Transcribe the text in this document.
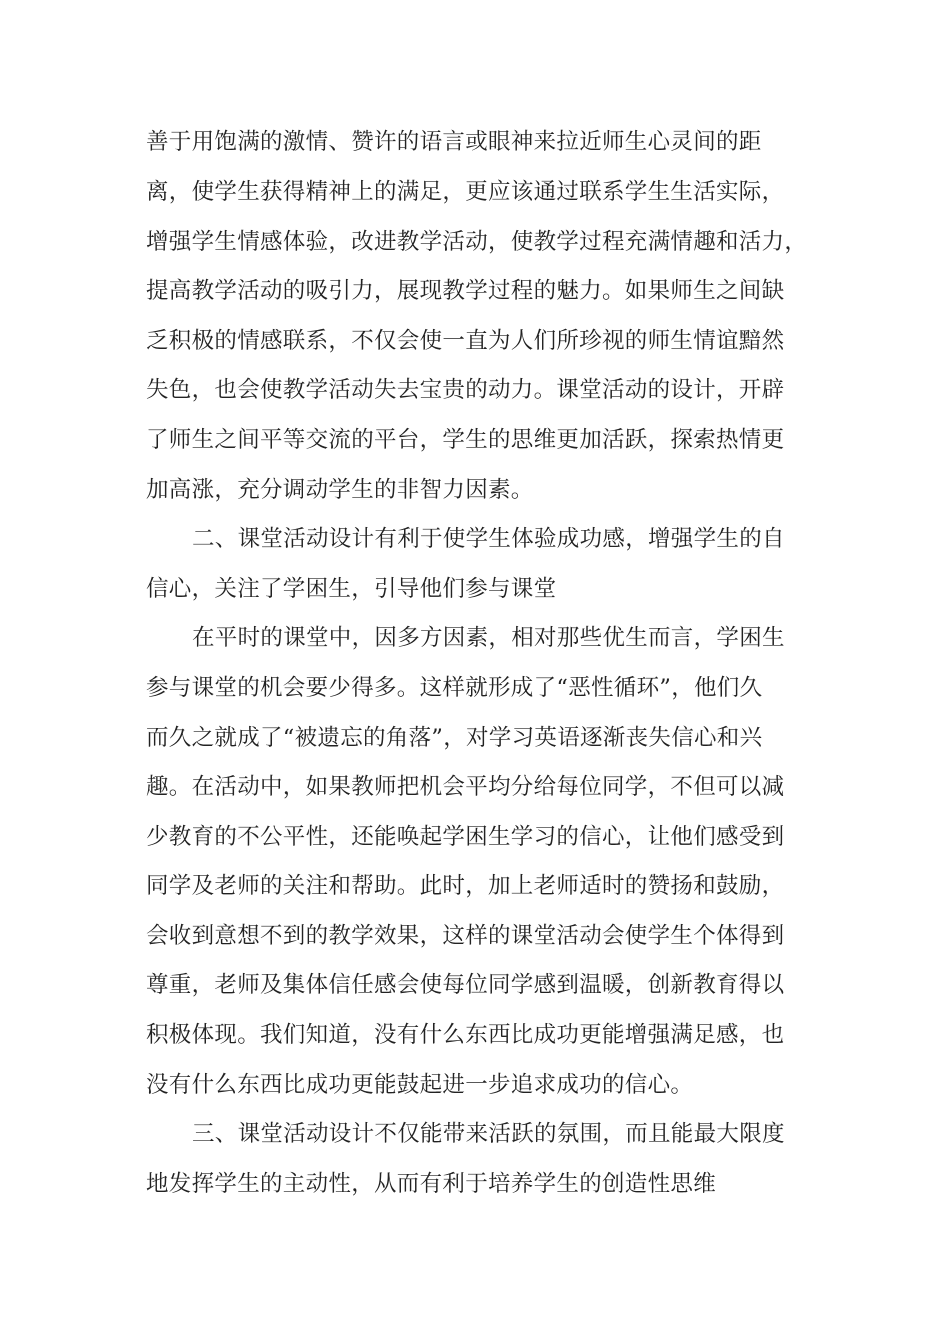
善于用饱满的激情、赞许的语言或眼神来拉近师生心灵间的距
离，使学生获得精神上的满足，更应该通过联系学生生活实际，
增强学生情感体验，改进教学活动，使教学过程充满情趣和活力，
提高教学活动的吸引力，展现教学过程的魅力。如果师生之间缺
乏积极的情感联系，不仅会使一直为人们所珍视的师生情谊黯然
失色，也会使教学活动失去宝贵的动力。课堂活动的设计，开辟
了师生之间平等交流的平台，学生的思维更加活跃，探索热情更
加高涨，充分调动学生的非智力因素。
二、课堂活动设计有利于使学生体验成功感，增强学生的自
信心，关注了学困生，引导他们参与课堂
在平时的课堂中，因多方因素，相对那些优生而言，学困生
参与课堂的机会要少得多。这样就形成了“恶性循环”，他们久
而久之就成了“被遗忘的角落”，对学习英语逐渐丧失信心和兴
趣。在活动中，如果教师把机会平均分给每位同学，不但可以减
少教育的不公平性，还能唤起学困生学习的信心，让他们感受到
同学及老师的关注和帮助。此时，加上老师适时的赞扬和鼓励，
会收到意想不到的教学效果，这样的课堂活动会使学生个体得到
尊重，老师及集体信任感会使每位同学感到温暖，创新教育得以
积极体现。我们知道，没有什么东西比成功更能增强满足感，也
没有什么东西比成功更能鼓起进一步追求成功的信心。
三、课堂活动设计不仅能带来活跃的氛围，而且能最大限度
地发挥学生的主动性，从而有利于培养学生的创造性思维
